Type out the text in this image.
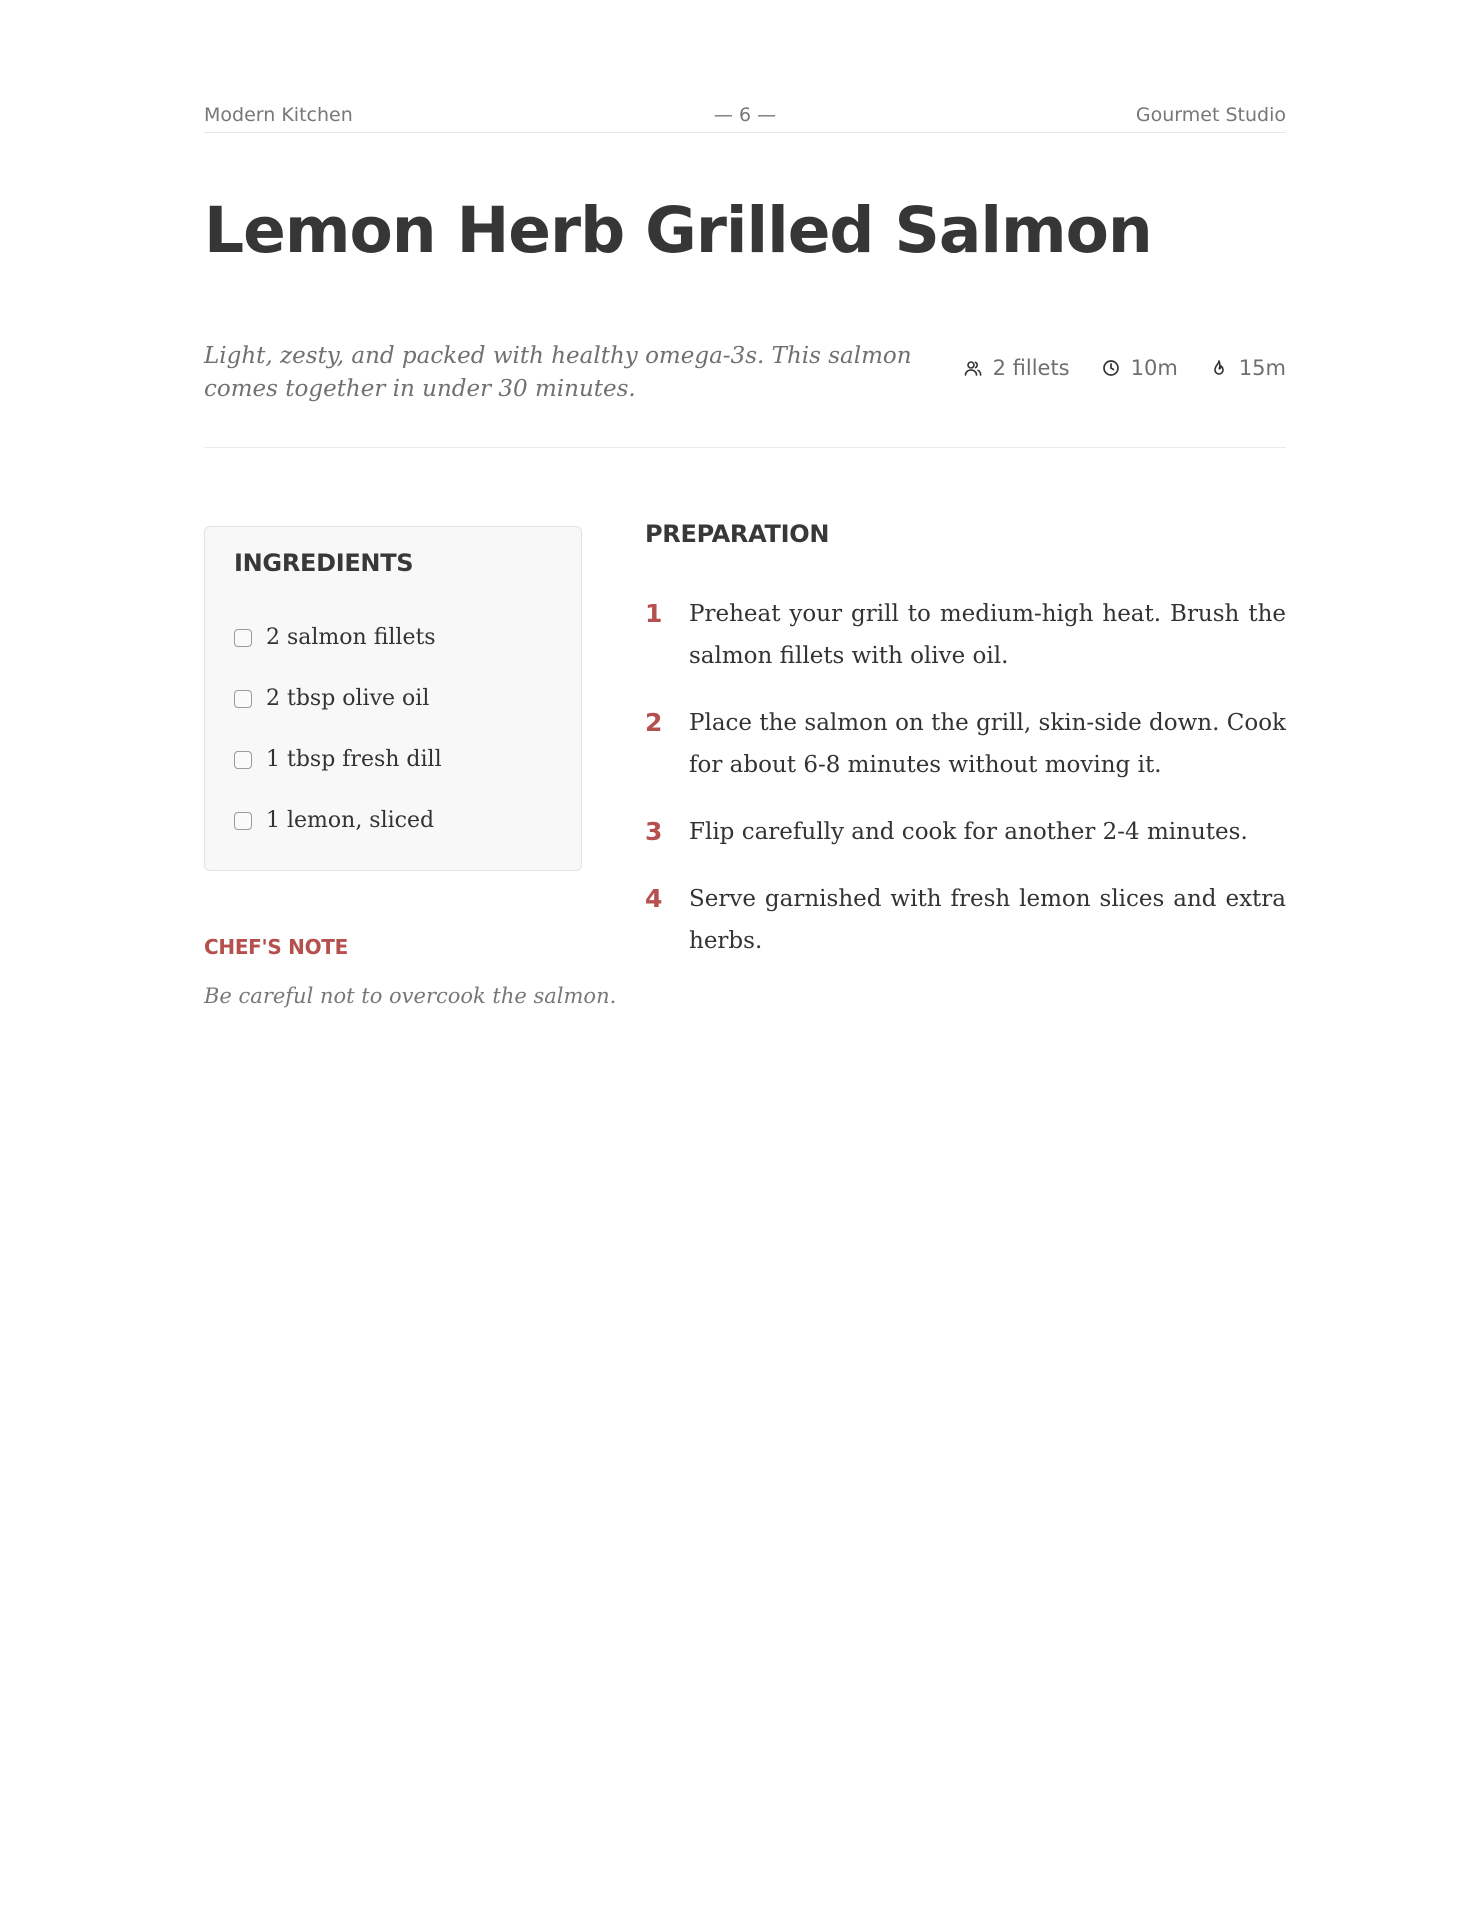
Modern Kitchen	— 6 —	Gourmet Studio
Lemon Herb Grilled Salmon
Light, zesty, and packed with healthy omega-3s. This salmon comes together in under 30 minutes.
2 fillets	10m	15m
INGREDIENTS
2 salmon fillets
2 tbsp olive oil
1 tbsp fresh dill
1 lemon, sliced
CHEF'S NOTE
Be careful not to overcook the salmon.
PREPARATION
1	Preheat your grill to medium-high heat. Brush the salmon fillets with olive oil.
2	Place the salmon on the grill, skin-side down. Cook for about 6-8 minutes without moving it.
3	Flip carefully and cook for another 2-4 minutes.
4	Serve garnished with fresh lemon slices and extra herbs.
